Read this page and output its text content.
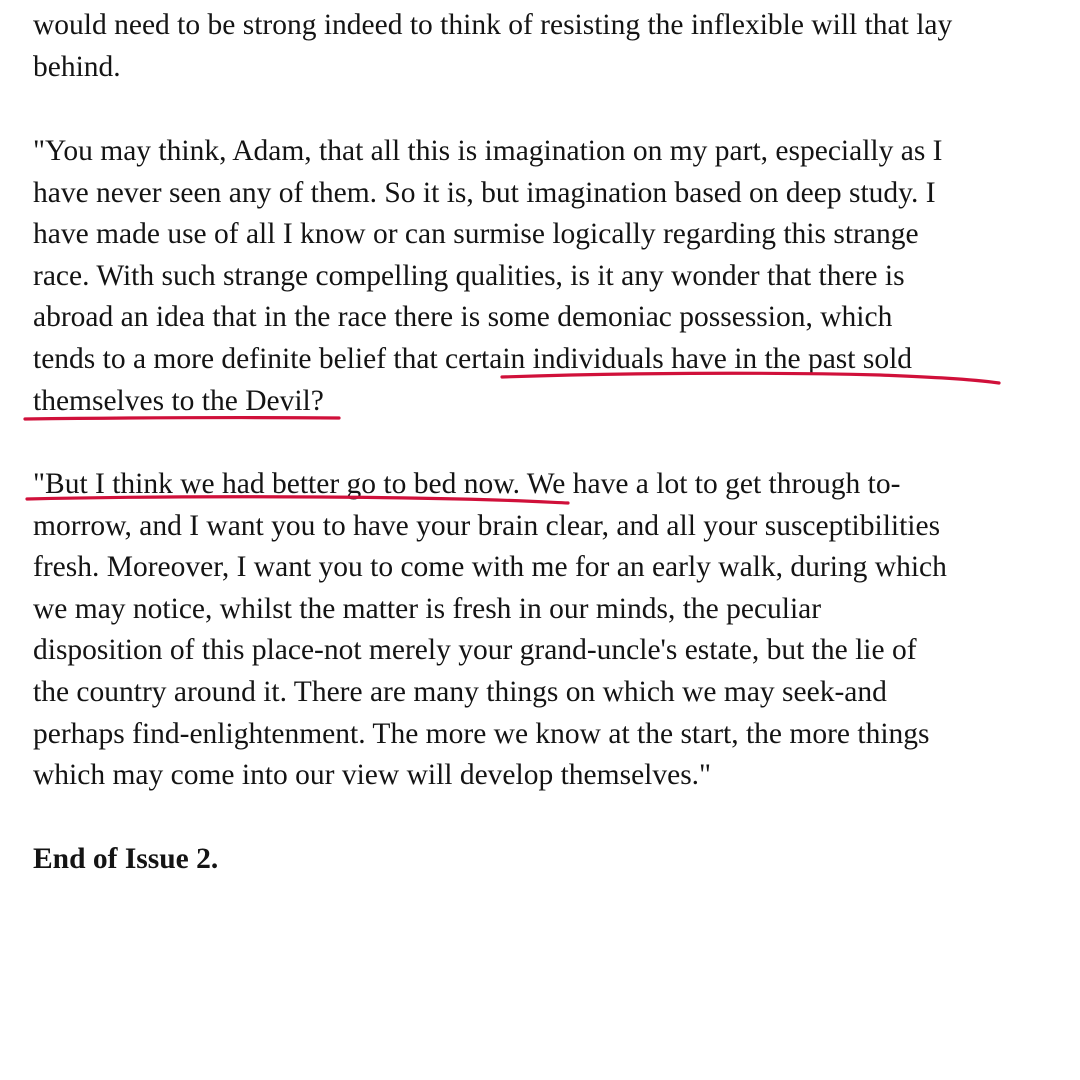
would need to be strong indeed to think of resisting the inflexible will that lay
behind.

"You may think, Adam, that all this is imagination on my part, especially as I
have never seen any of them. So it is, but imagination based on deep study. I
have made use of all I know or can surmise logically regarding this strange
race. With such strange compelling qualities, is it any wonder that there is
abroad an idea that in the race there is some demoniac possession, which
tends to a more definite belief that certain individuals have in the past sold
themselves to the Devil?

"But I think we had better go to bed now. We have a lot to get through to-
morrow, and I want you to have your brain clear, and all your susceptibilities
fresh. Moreover, I want you to come with me for an early walk, during which
we may notice, whilst the matter is fresh in our minds, the peculiar
disposition of this place-not merely your grand-uncle's estate, but the lie of
the country around it. There are many things on which we may seek-and
perhaps find-enlightenment. The more we know at the start, the more things
which may come into our view will develop themselves."

End of Issue 2.
